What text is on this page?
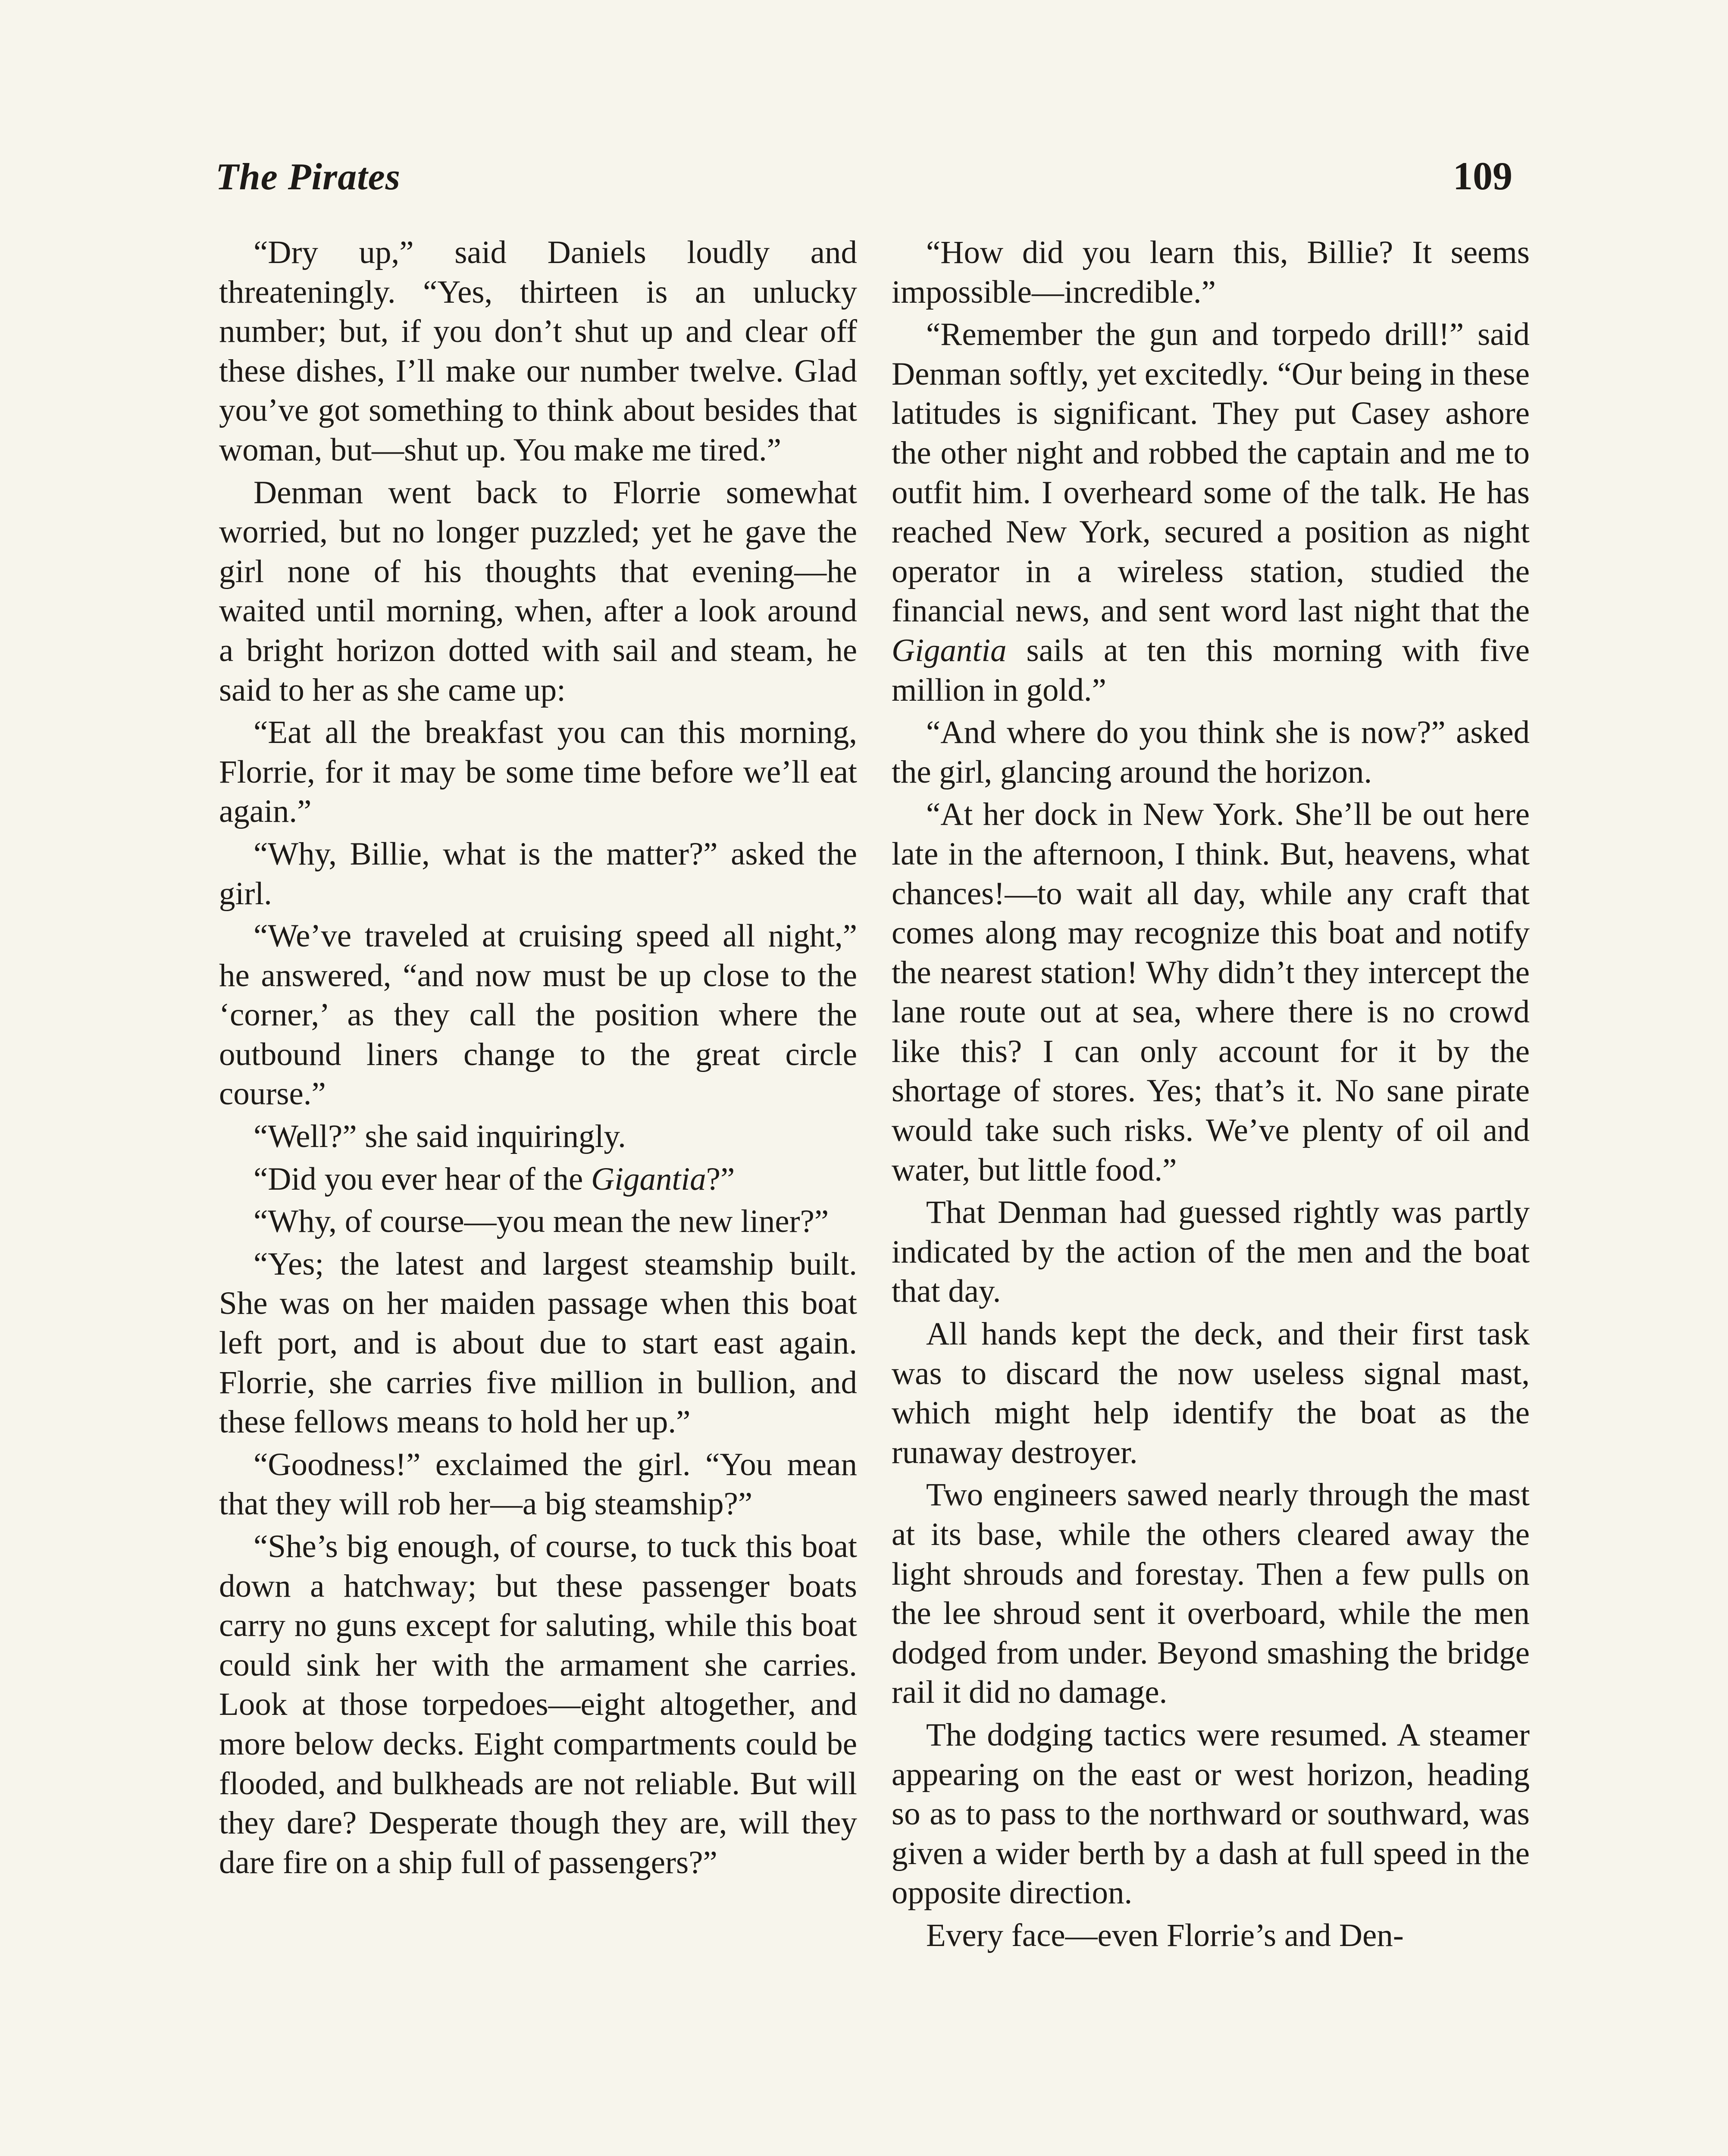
The Pirates	109

“Dry up,” said Daniels loudly and threateningly. “Yes, thirteen is an unlucky number; but, if you don’t shut up and clear off these dishes, I’ll make our number twelve. Glad you’ve got something to think about besides that woman, but—shut up. You make me tired.”

Denman went back to Florrie somewhat worried, but no longer puzzled; yet he gave the girl none of his thoughts that evening—he waited until morning, when, after a look around a bright horizon dotted with sail and steam, he said to her as she came up:

“Eat all the breakfast you can this morning, Florrie, for it may be some time before we’ll eat again.”

“Why, Billie, what is the matter?” asked the girl.

“We’ve traveled at cruising speed all night,” he answered, “and now must be up close to the ‘corner,’ as they call the position where the outbound liners change to the great circle course.”

“Well?” she said inquiringly.

“Did you ever hear of the Gigantia?”

“Why, of course—you mean the new liner?”

“Yes; the latest and largest steamship built. She was on her maiden passage when this boat left port, and is about due to start east again. Florrie, she carries five million in bullion, and these fellows means to hold her up.”

“Goodness!” exclaimed the girl. “You mean that they will rob her—a big steamship?”

“She’s big enough, of course, to tuck this boat down a hatchway; but these passenger boats carry no guns except for saluting, while this boat could sink her with the armament she carries. Look at those torpedoes—eight altogether, and more below decks. Eight compartments could be flooded, and bulkheads are not reliable. But will they dare? Desperate though they are, will they dare fire on a ship full of passengers?”

“How did you learn this, Billie? It seems impossible—incredible.”

“Remember the gun and torpedo drill!” said Denman softly, yet excitedly. “Our being in these latitudes is significant. They put Casey ashore the other night and robbed the captain and me to outfit him. I overheard some of the talk. He has reached New York, secured a position as night operator in a wireless station, studied the financial news, and sent word last night that the Gigantia sails at ten this morning with five million in gold.”

“And where do you think she is now?” asked the girl, glancing around the horizon.

“At her dock in New York. She’ll be out here late in the afternoon, I think. But, heavens, what chances!—to wait all day, while any craft that comes along may recognize this boat and notify the nearest station! Why didn’t they intercept the lane route out at sea, where there is no crowd like this? I can only account for it by the shortage of stores. Yes; that’s it. No sane pirate would take such risks. We’ve plenty of oil and water, but little food.”

That Denman had guessed rightly was partly indicated by the action of the men and the boat that day.

All hands kept the deck, and their first task was to discard the now useless signal mast, which might help identify the boat as the runaway destroyer.

Two engineers sawed nearly through the mast at its base, while the others cleared away the light shrouds and forestay. Then a few pulls on the lee shroud sent it overboard, while the men dodged from under. Beyond smashing the bridge rail it did no damage.

The dodging tactics were resumed. A steamer appearing on the east or west horizon, heading so as to pass to the northward or southward, was given a wider berth by a dash at full speed in the opposite direction.

Every face—even Florrie’s and Den-
